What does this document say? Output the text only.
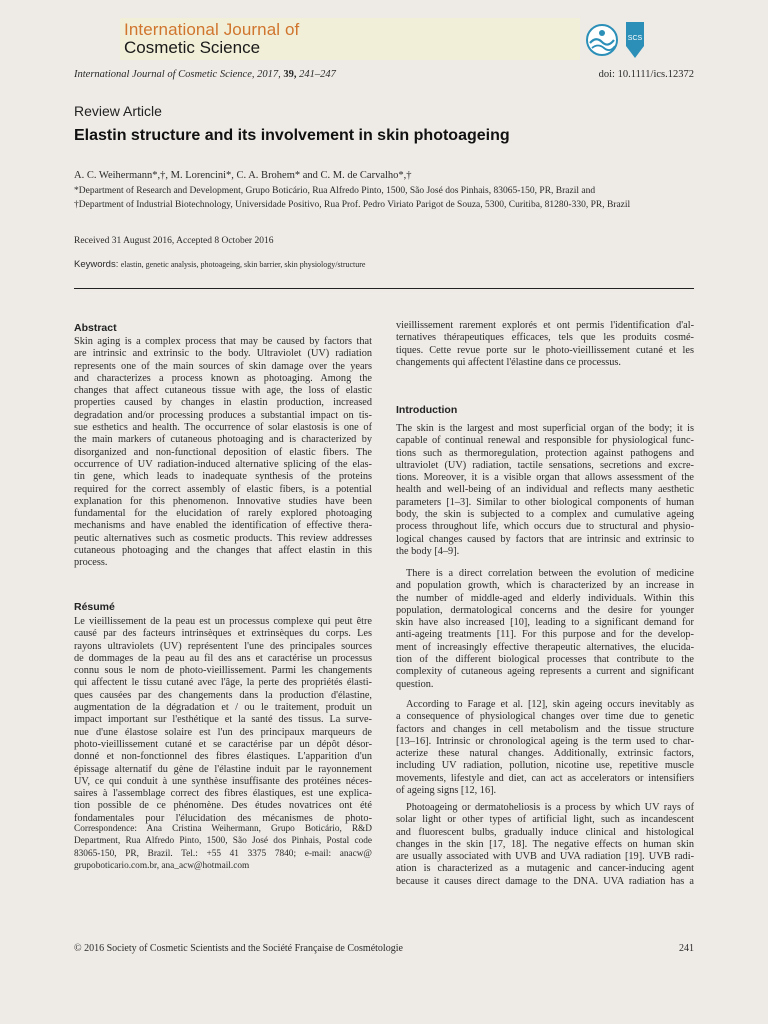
International Journal of
Cosmetic Science	SCS
International Journal of Cosmetic Science, 2017, 39, 241–247	doi: 10.1111/ics.12372
Review Article
Elastin structure and its involvement in skin photoageing
A. C. Weihermann*,†, M. Lorencini*, C. A. Brohem* and C. M. de Carvalho*,†
*Department of Research and Development, Grupo Boticário, Rua Alfredo Pinto, 1500, São José dos Pinhais, 83065-150, PR, Brazil and
†Department of Industrial Biotechnology, Universidade Positivo, Rua Prof. Pedro Viriato Parigot de Souza, 5300, Curitiba, 81280-330, PR, Brazil
Received 31 August 2016, Accepted 8 October 2016
Keywords: elastin, genetic analysis, photoageing, skin barrier, skin physiology/structure
Abstract
Skin aging is a complex process that may be caused by factors that
are intrinsic and extrinsic to the body. Ultraviolet (UV) radiation
represents one of the main sources of skin damage over the years
and characterizes a process known as photoaging. Among the
changes that affect cutaneous tissue with age, the loss of elastic
properties caused by changes in elastin production, increased
degradation and/or processing produces a substantial impact on tis-
sue esthetics and health. The occurrence of solar elastosis is one of
the main markers of cutaneous photoaging and is characterized by
disorganized and non-functional deposition of elastic fibers. The
occurrence of UV radiation-induced alternative splicing of the elas-
tin gene, which leads to inadequate synthesis of the proteins
required for the correct assembly of elastic fibers, is a potential
explanation for this phenomenon. Innovative studies have been
fundamental for the elucidation of rarely explored photoaging
mechanisms and have enabled the identification of effective thera-
peutic alternatives such as cosmetic products. This review addresses
cutaneous photoaging and the changes that affect elastin in this
process.
Résumé
Le vieillissement de la peau est un processus complexe qui peut être
causé par des facteurs intrinsèques et extrinsèques du corps. Les
rayons ultraviolets (UV) représentent l'une des principales sources
de dommages de la peau au fil des ans et caractérise un processus
connu sous le nom de photo-vieillissement. Parmi les changements
qui affectent le tissu cutané avec l'âge, la perte des propriétés élasti-
ques causées par des changements dans la production d'élastine,
augmentation de la dégradation et / ou le traitement, produit un
impact important sur l'esthétique et la santé des tissus. La surve-
nue d'une élastose solaire est l'un des principaux marqueurs de
photo-vieillissement cutané et se caractérise par un dépôt désor-
donné et non-fonctionnel des fibres élastiques. L'apparition d'un
épissage alternatif du gène de l'élastine induit par le rayonnement
UV, ce qui conduit à une synthèse insuffisante des protéines néces-
saires à l'assemblage correct des fibres élastiques, est une explica-
tion possible de ce phénomène. Des études novatrices ont été
fondamentales pour l'élucidation des mécanismes de photo-
Correspondence: Ana Cristina Weihermann, Grupo Boticário, R&D
Department, Rua Alfredo Pinto, 1500, São José dos Pinhais, Postal code
83065-150, PR, Brazil. Tel.: +55 41 3375 7840; e-mail: anacw@
grupoboticario.com.br, ana_acw@hotmail.com
vieillissement rarement explorés et ont permis l'identification d'al-
ternatives thérapeutiques efficaces, tels que les produits cosmé-
tiques. Cette revue porte sur le photo-vieillissement cutané et les
changements qui affectent l'élastine dans ce processus.
Introduction
The skin is the largest and most superficial organ of the body; it is
capable of continual renewal and responsible for physiological func-
tions such as thermoregulation, protection against pathogens and
ultraviolet (UV) radiation, tactile sensations, secretions and excre-
tions. Moreover, it is a visible organ that allows assessment of the
health and well-being of an individual and reflects many aesthetic
parameters [1–3]. Similar to other biological components of human
body, the skin is subjected to a complex and cumulative ageing
process throughout life, which occurs due to structural and physio-
logical changes caused by factors that are intrinsic and extrinsic to
the body [4–9].
There is a direct correlation between the evolution of medicine
and population growth, which is characterized by an increase in
the number of middle-aged and elderly individuals. Within this
population, dermatological concerns and the desire for younger
skin have also increased [10], leading to a significant demand for
anti-ageing treatments [11]. For this purpose and for the develop-
ment of increasingly effective therapeutic alternatives, the elucida-
tion of the different biological processes that contribute to the
complexity of cutaneous ageing represents a current and significant
question.
According to Farage et al. [12], skin ageing occurs inevitably as
a consequence of physiological changes over time due to genetic
factors and changes in cell metabolism and the tissue structure
[13–16]. Intrinsic or chronological ageing is the term used to char-
acterize these natural changes. Additionally, extrinsic factors,
including UV radiation, pollution, nicotine use, repetitive muscle
movements, lifestyle and diet, can act as accelerators or intensifiers
of ageing signs [12, 16].
Photoageing or dermatoheliosis is a process by which UV rays of
solar light or other types of artificial light, such as incandescent
and fluorescent bulbs, gradually induce clinical and histological
changes in the skin [17, 18]. The negative effects on human skin
are usually associated with UVB and UVA radiation [19]. UVB radi-
ation is characterized as a mutagenic and cancer-inducing agent
because it causes direct damage to the DNA. UVA radiation has a
© 2016 Society of Cosmetic Scientists and the Société Française de Cosmétologie	241
